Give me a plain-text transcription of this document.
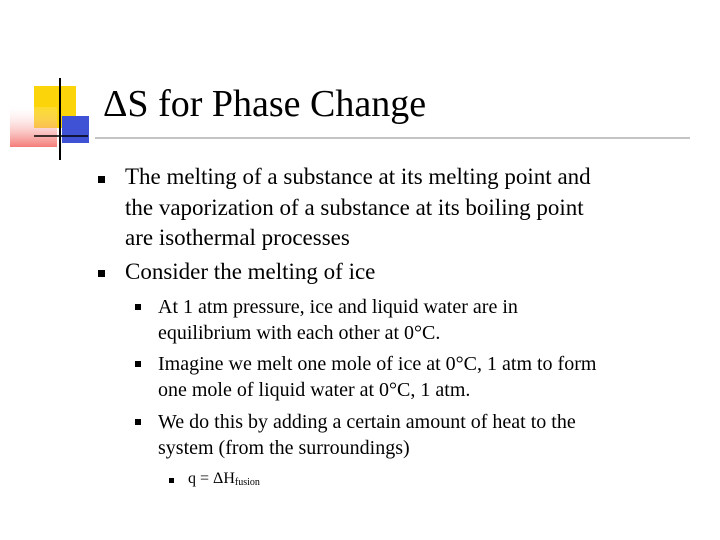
ΔS for Phase Change
The melting of a substance at its melting point and
the vaporization of a substance at its boiling point
are isothermal processes
Consider the melting of ice
At 1 atm pressure, ice and liquid water are in
equilibrium with each other at 0°C.
Imagine we melt one mole of ice at 0°C, 1 atm to form
one mole of liquid water at 0°C, 1 atm.
We do this by adding a certain amount of heat to the
system (from the surroundings)
$q = \Delta H_{fusion}$
